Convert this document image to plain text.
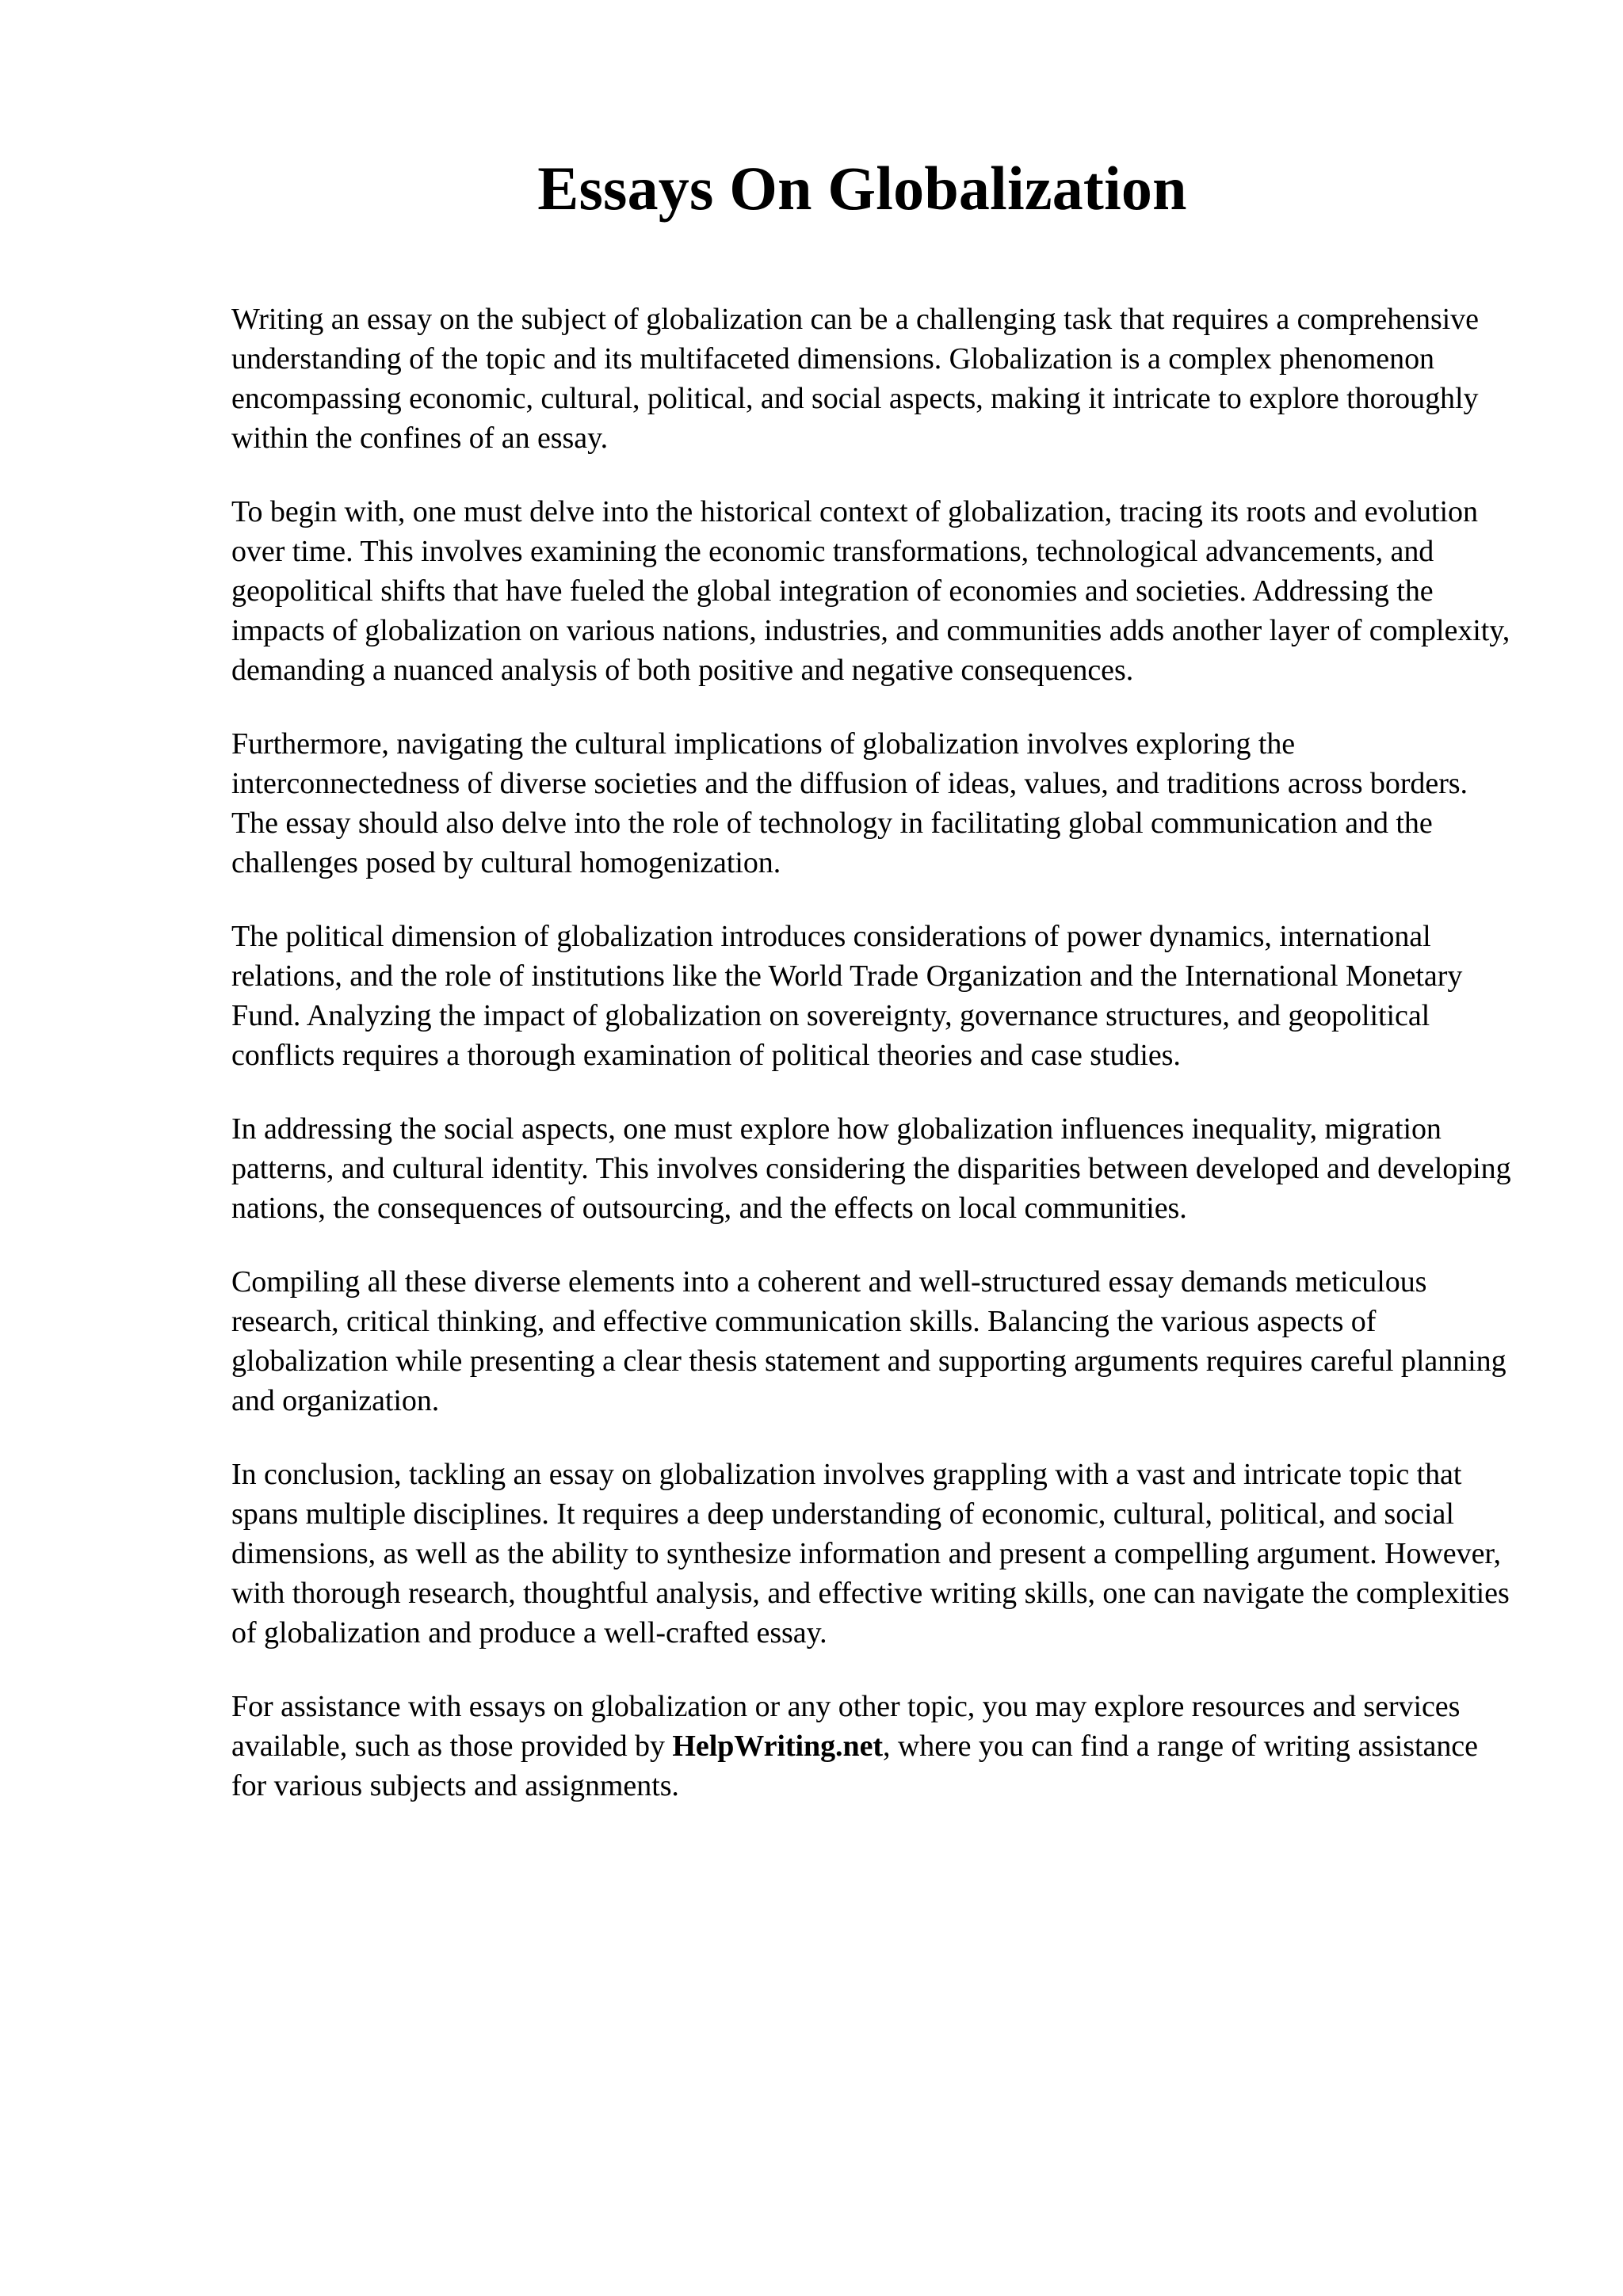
Essays On Globalization

Writing an essay on the subject of globalization can be a challenging task that requires a comprehensive understanding of the topic and its multifaceted dimensions. Globalization is a complex phenomenon encompassing economic, cultural, political, and social aspects, making it intricate to explore thoroughly within the confines of an essay.

To begin with, one must delve into the historical context of globalization, tracing its roots and evolution over time. This involves examining the economic transformations, technological advancements, and geopolitical shifts that have fueled the global integration of economies and societies. Addressing the impacts of globalization on various nations, industries, and communities adds another layer of complexity, demanding a nuanced analysis of both positive and negative consequences.

Furthermore, navigating the cultural implications of globalization involves exploring the interconnectedness of diverse societies and the diffusion of ideas, values, and traditions across borders. The essay should also delve into the role of technology in facilitating global communication and the challenges posed by cultural homogenization.

The political dimension of globalization introduces considerations of power dynamics, international relations, and the role of institutions like the World Trade Organization and the International Monetary Fund. Analyzing the impact of globalization on sovereignty, governance structures, and geopolitical conflicts requires a thorough examination of political theories and case studies.

In addressing the social aspects, one must explore how globalization influences inequality, migration patterns, and cultural identity. This involves considering the disparities between developed and developing nations, the consequences of outsourcing, and the effects on local communities.

Compiling all these diverse elements into a coherent and well-structured essay demands meticulous research, critical thinking, and effective communication skills. Balancing the various aspects of globalization while presenting a clear thesis statement and supporting arguments requires careful planning and organization.

In conclusion, tackling an essay on globalization involves grappling with a vast and intricate topic that spans multiple disciplines. It requires a deep understanding of economic, cultural, political, and social dimensions, as well as the ability to synthesize information and present a compelling argument. However, with thorough research, thoughtful analysis, and effective writing skills, one can navigate the complexities of globalization and produce a well-crafted essay.

For assistance with essays on globalization or any other topic, you may explore resources and services available, such as those provided by HelpWriting.net, where you can find a range of writing assistance for various subjects and assignments.
